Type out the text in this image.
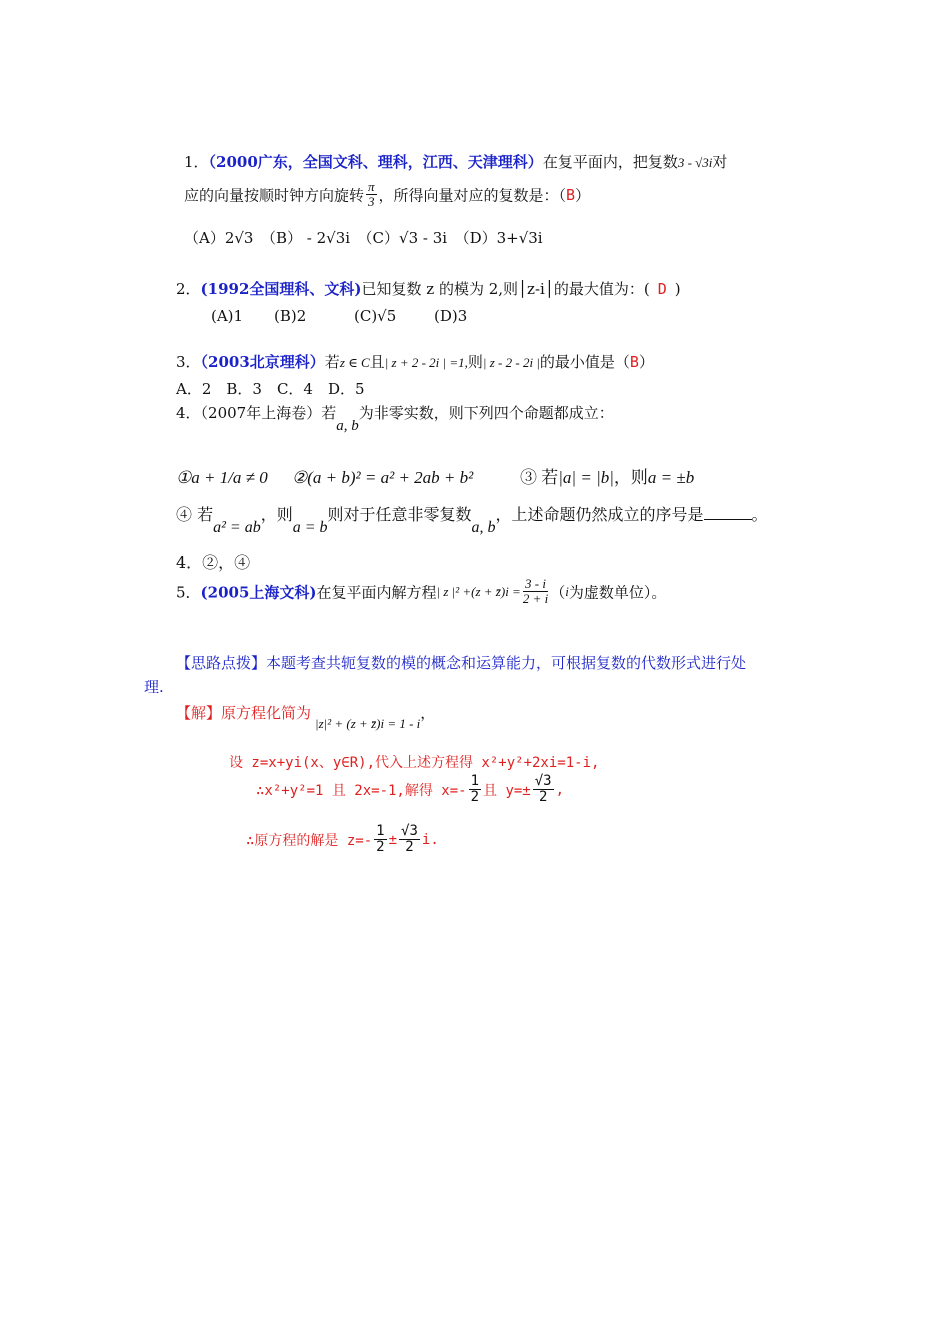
1．（2000广东，全国文科、理科，江西、天津理科）在复平面内，把复数3 - √3i对
应的向量按顺时钟方向旋转 $\frac{\pi}{3}$ ，所得向量对应的复数是：（B）
（A）2√3　（B） - 2√3i　（C）√3 - 3i　（D）3+√3i
2．(1992全国理科、文科)已知复数 z 的模为 2,则│z-i│的最大值为：( D )
(A)1 (B)2	(C)√5	(D)3
3．（2003北京理科）若z ∈ C且| z + 2 - 2i | =1,则| z - 2 - 2i |的最小值是（B）
A．2　B．3　C．4　D．5
4．（2007年上海卷）若a, b为非零实数，则下列四个命题都成立：
①a + 1/a ≠ 0 ②(a + b)² = a² + 2ab + b²	③ 若|a| = |b|，则a = ±b
④ 若a² = ab，则a = b则对于任意非零复数a, b，上述命题仍然成立的序号是	。
4．②，④
5．(2005上海文科)在复平面内解方程| z |² +(z + z̄)i = $\frac{3 - i}{2 + i} (i$为虚数单位）。
【思路点拨】本题考查共轭复数的模的概念和运算能力，可根据复数的代数形式进行处
理.
【解】原方程化简为|z|² + (z + z̄)i = 1 - i，
设 z=x+yi(x、y∈R),代入上述方程得 x²+y²+2xi=1-i,
∴x²+y²=1 且 2x=-1,解得 $x=- \frac{1}{2}$ 且 $y=\pm \frac{√3}{2}$ ,
∴原方程的解是 $z=- \frac{1}{2} \pm \frac{√3}{2} i$.
